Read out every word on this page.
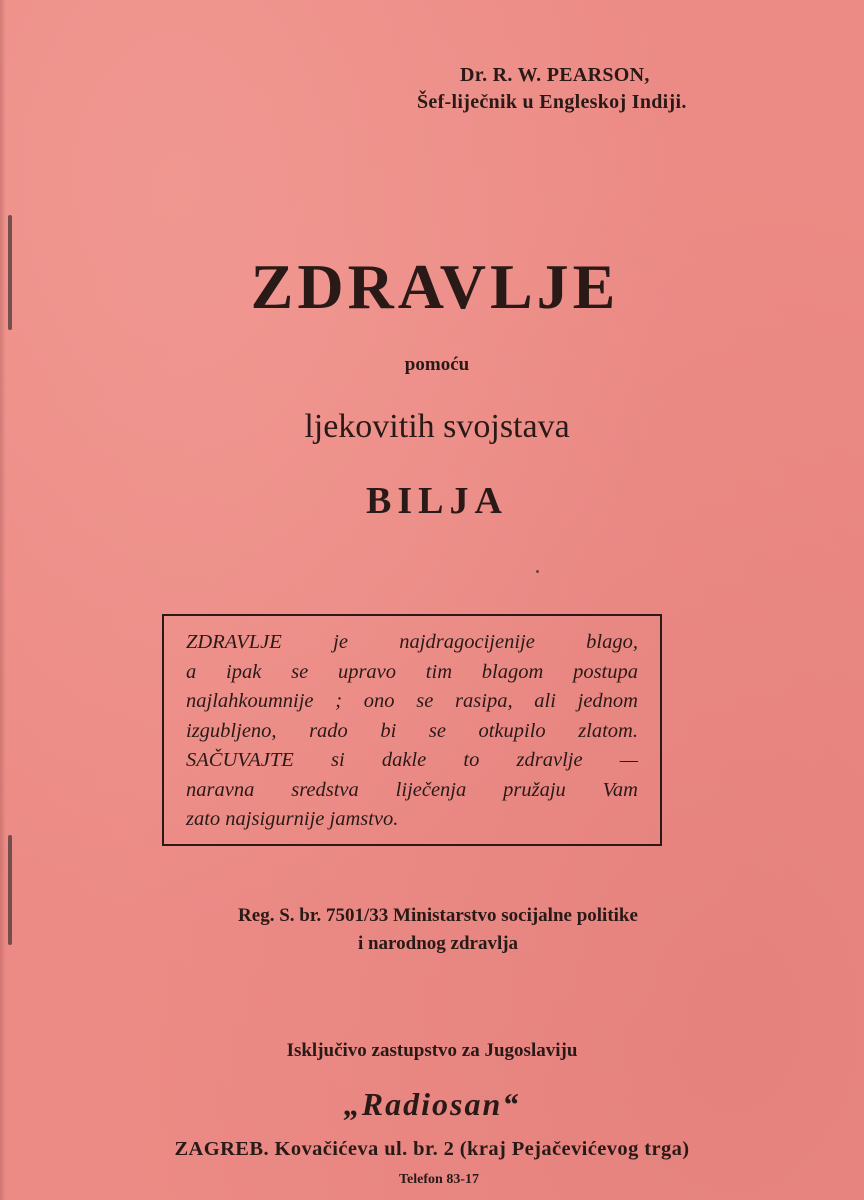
Dr. R. W. PEARSON,
Šef-liječnik u Engleskoj Indiji.
ZDRAVLJE
pomoću
ljekovitih svojstava
BILJA
ZDRAVLJE je najdragocijenije blago,
a ipak se upravo tim blagom postupa
najlahkoumnije ; ono se rasipa, ali jednom
izgubljeno, rado bi se otkupilo zlatom.
SAČUVAJTE si dakle to zdravlje —
naravna sredstva liječenja pružaju Vam
zato najsigurnije jamstvo.
Reg. S. br. 7501/33 Ministarstvo socijalne politike
i narodnog zdravlja
Isključivo zastupstvo za Jugoslaviju
„Radiosan“
ZAGREB. Kovačićeva ul. br. 2 (kraj Pejačevićevog trga)
Telefon 83-17
